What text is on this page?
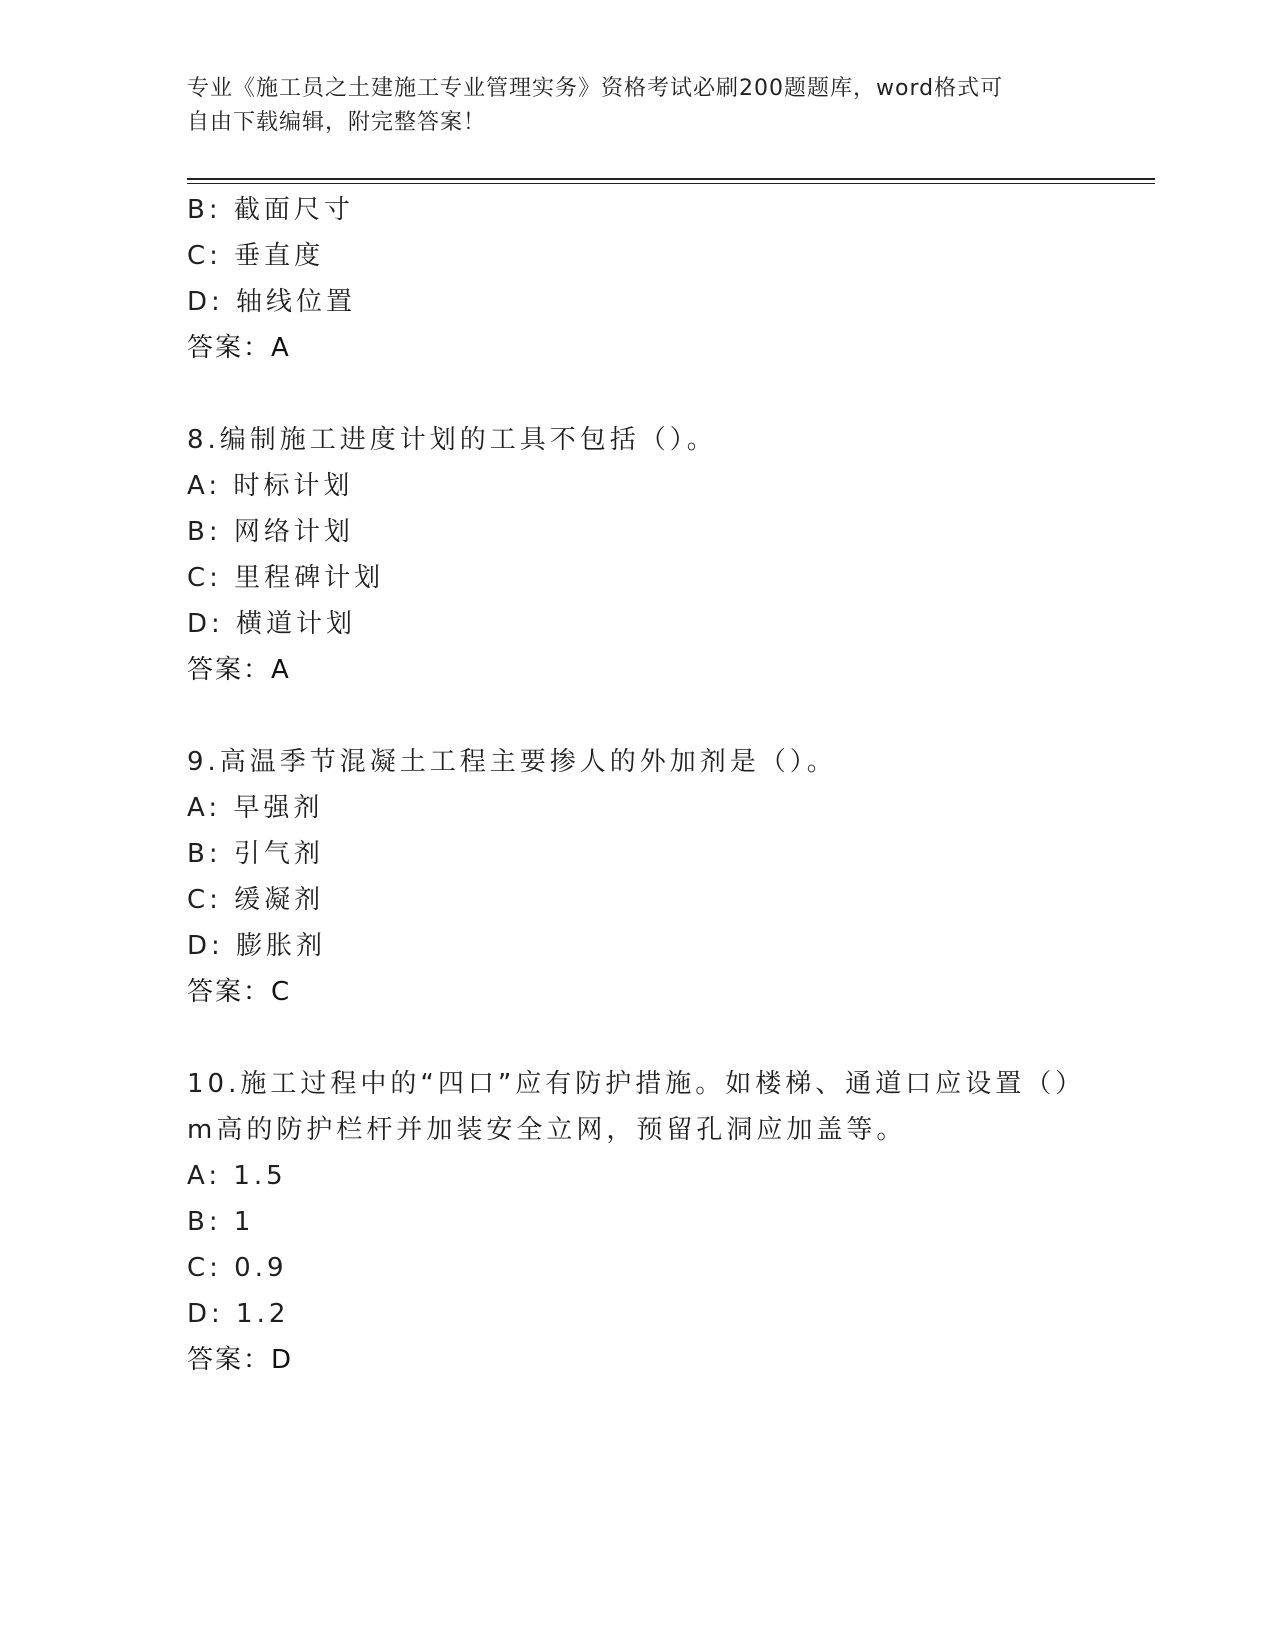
专业《施工员之土建施工专业管理实务》资格考试必刷200题题库，word格式可
自由下载编辑，附完整答案！
B: 截面尺寸
C: 垂直度
D: 轴线位置
答案：A
8.编制施工进度计划的工具不包括（）。
A: 时标计划
B: 网络计划
C: 里程碑计划
D: 横道计划
答案：A
9.高温季节混凝土工程主要掺人的外加剂是（）。
A: 早强剂
B: 引气剂
C: 缓凝剂
D: 膨胀剂
答案：C
10.施工过程中的“四口”应有防护措施。如楼梯、通道口应设置（）
m高的防护栏杆并加装安全立网，预留孔洞应加盖等。
A: 1.5
B: 1
C: 0.9
D: 1.2
答案：D
